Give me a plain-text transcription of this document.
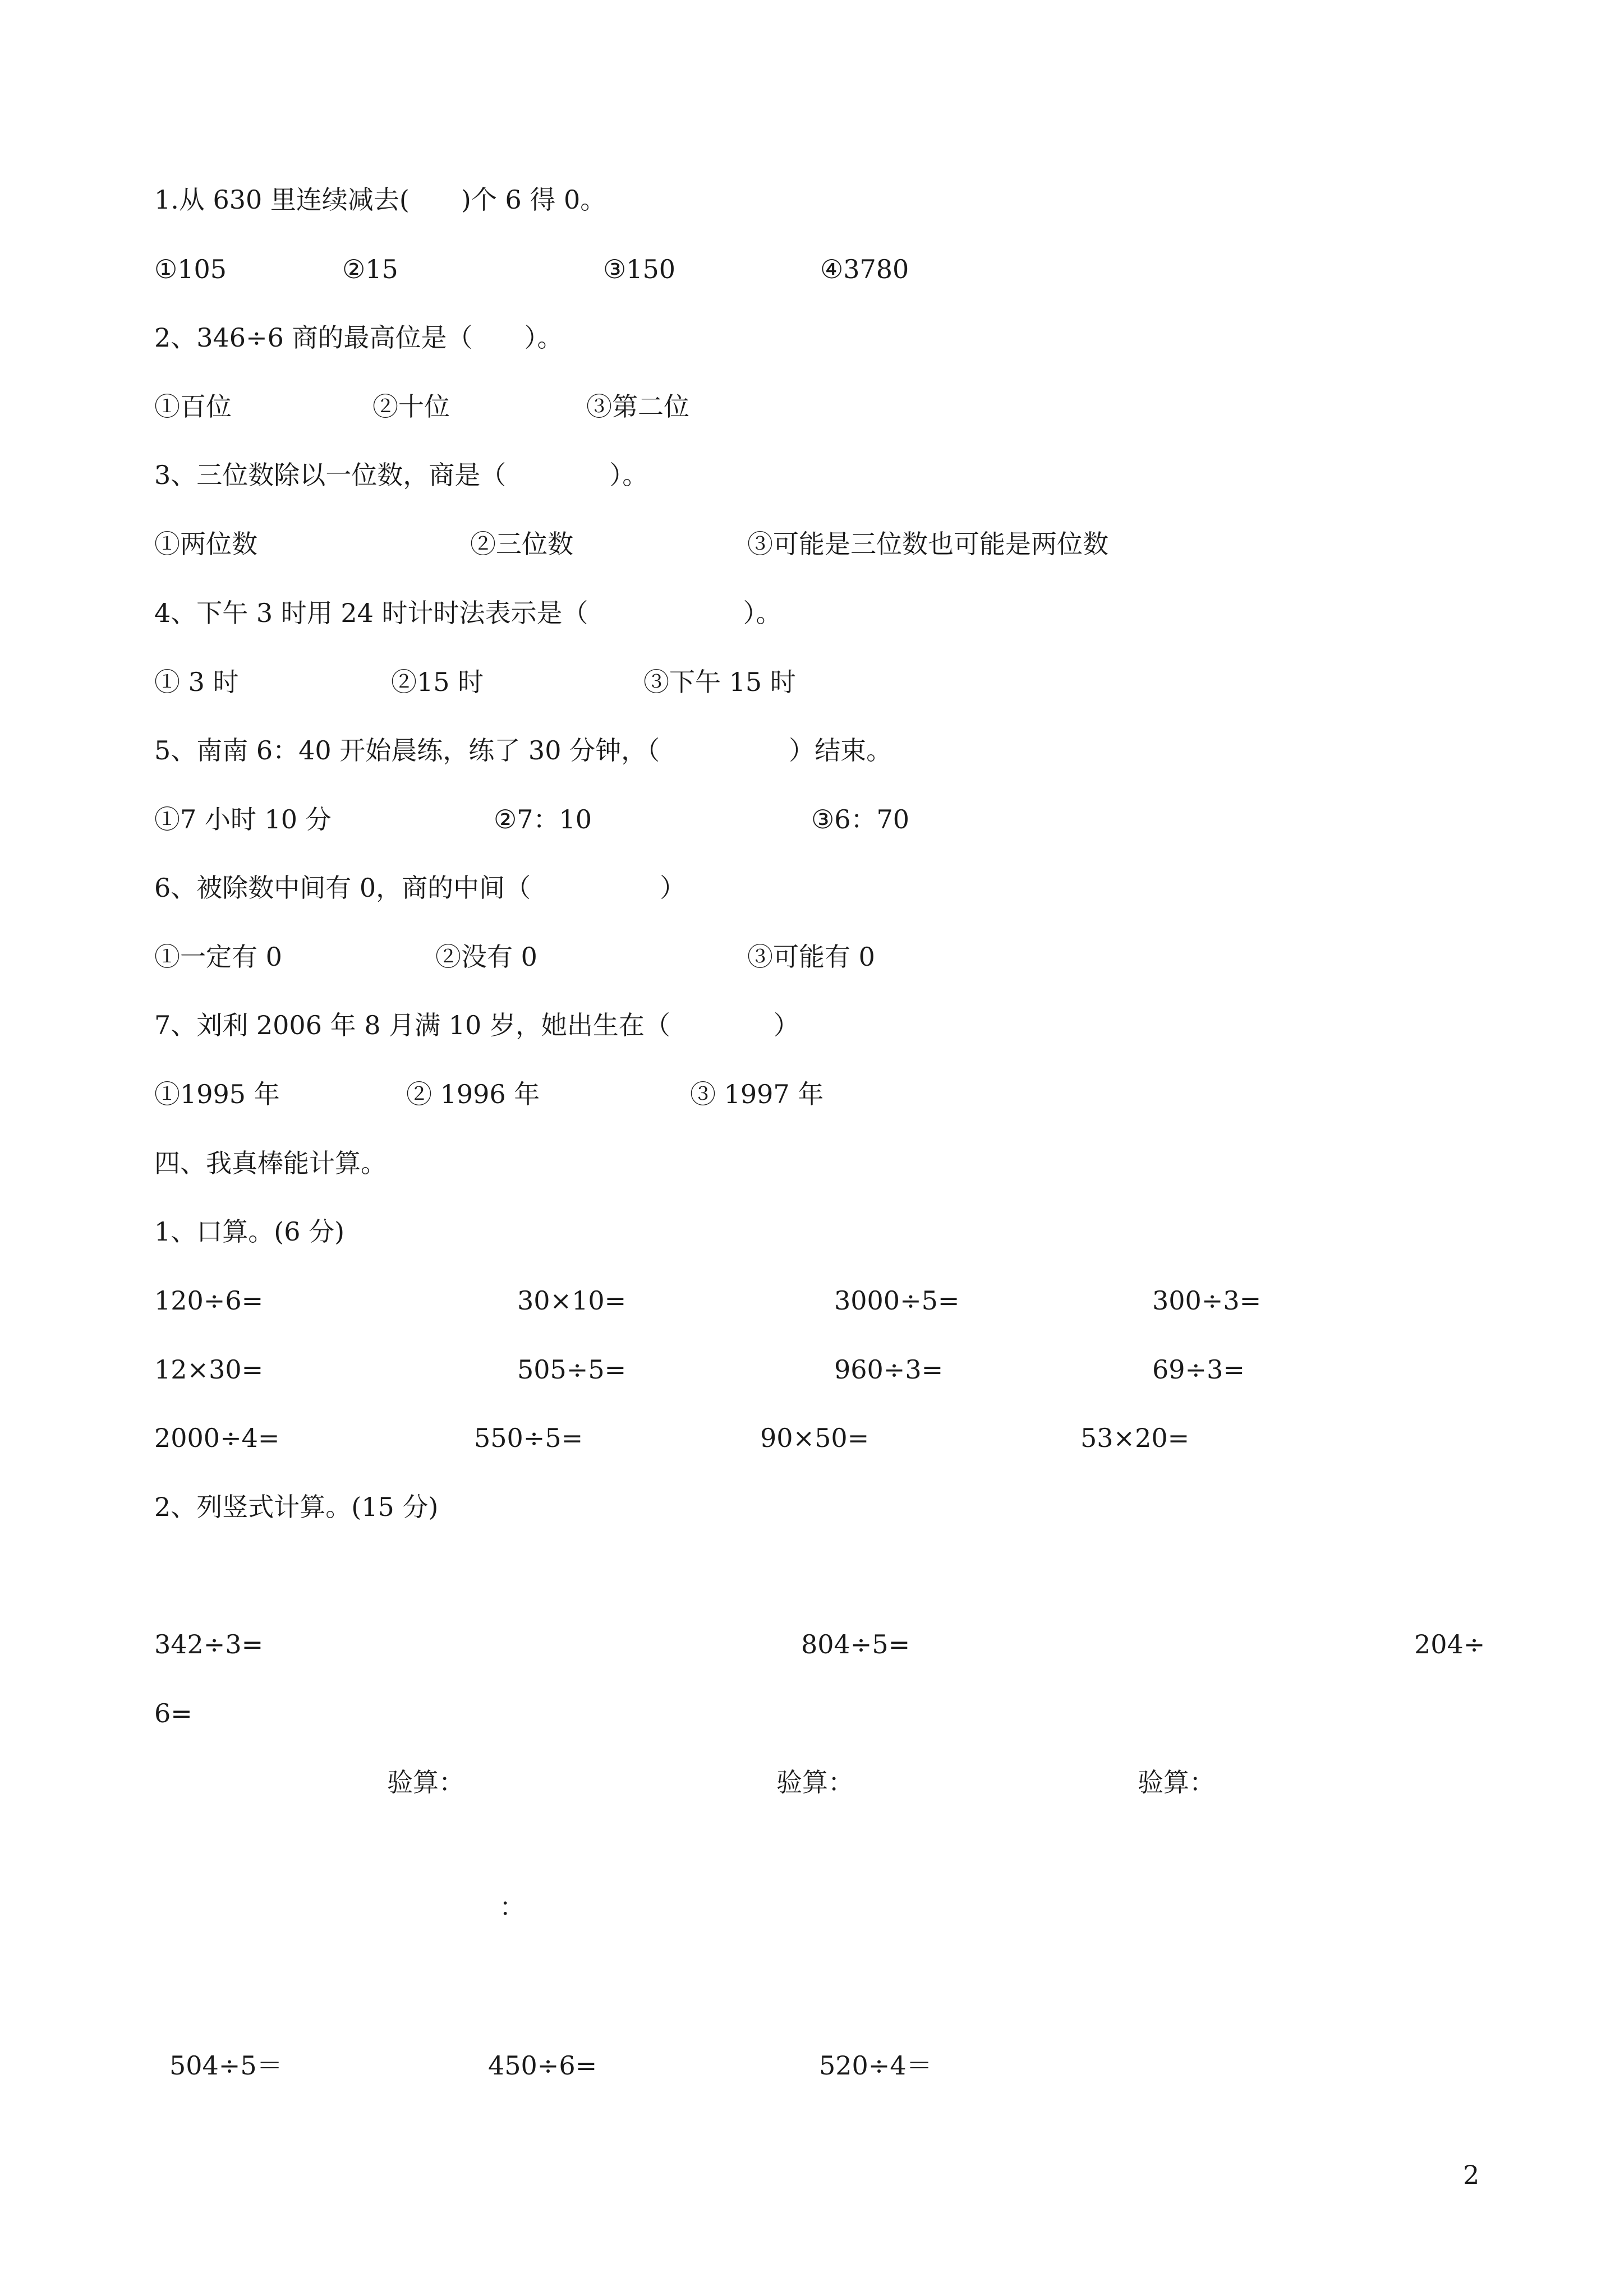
1.从 630 里连续减去(　　)个 6 得 0。
①105	②15	③150	④3780
2、346÷6 商的最高位是（　　）。
①百位	②十位	③第二位
3、三位数除以一位数，商是（　　　　）。
①两位数	②三位数	③可能是三位数也可能是两位数
4、下午 3 时用 24 时计时法表示是（　　　　　　）。
① 3 时	②15 时	③下午 15 时
5、南南 6：40 开始晨练，练了 30 分钟，（　　　　　）结束。
①7 小时 10 分	②7：10	③6：70
6、被除数中间有 0，商的中间（　　　　　）
①一定有 0	②没有 0	③可能有 0
7、刘利 2006 年 8 月满 10 岁，她出生在（　　　　）
①1995 年	② 1996 年	③ 1997 年
四、我真棒能计算。
1、口算。(6 分)
120÷6=	30×10=	3000÷5=	300÷3=
12×30=	505÷5=	960÷3=	69÷3=
2000÷4=	550÷5=	90×50=	53×20=
2、列竖式计算。(15 分)
342÷3=	804÷5=	204÷
6=
验算：	验算：	验算：
：
504÷5＝	450÷6=	520÷4＝
2
